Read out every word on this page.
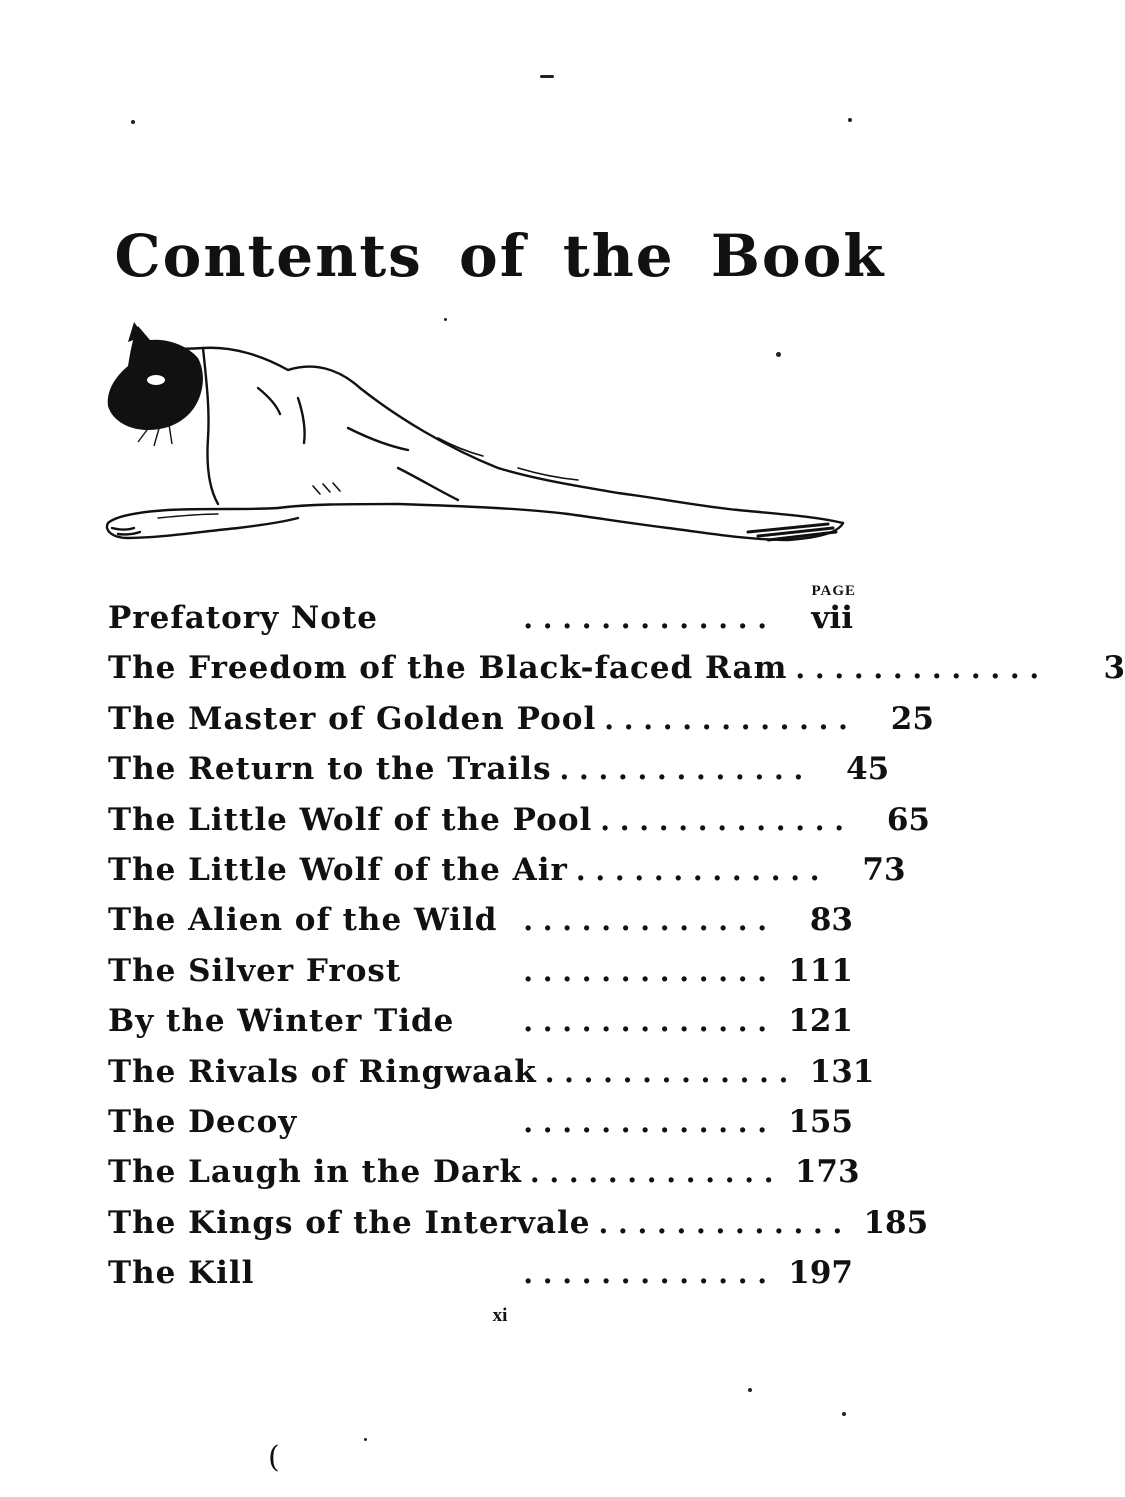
Contents of the Book
PAGE
Prefatory Note	. . . . . . . . . . . . .	vii
The Freedom of the Black-faced Ram . . . . . . . . . . . . .	3
The Master of Golden Pool . . . . . . . . . . . . .	25
The Return to the Trails . . . . . . . . . . . . .	45
The Little Wolf of the Pool . . . . . . . . . . . . .	65
The Little Wolf of the Air . . . . . . . . . . . . .	73
The Alien of the Wild . . . . . . . . . . . . .	83
The Silver Frost	. . . . . . . . . . . . . 111
By the Winter Tide	. . . . . . . . . . . . . 121
The Rivals of Ringwaak . . . . . . . . . . . . . 131
The Decoy	. . . . . . . . . . . . . 155
The Laugh in the Dark . . . . . . . . . . . . . 173
The Kings of the Intervale . . . . . . . . . . . . . 185
The Kill	. . . . . . . . . . . . . 197
xi
(
